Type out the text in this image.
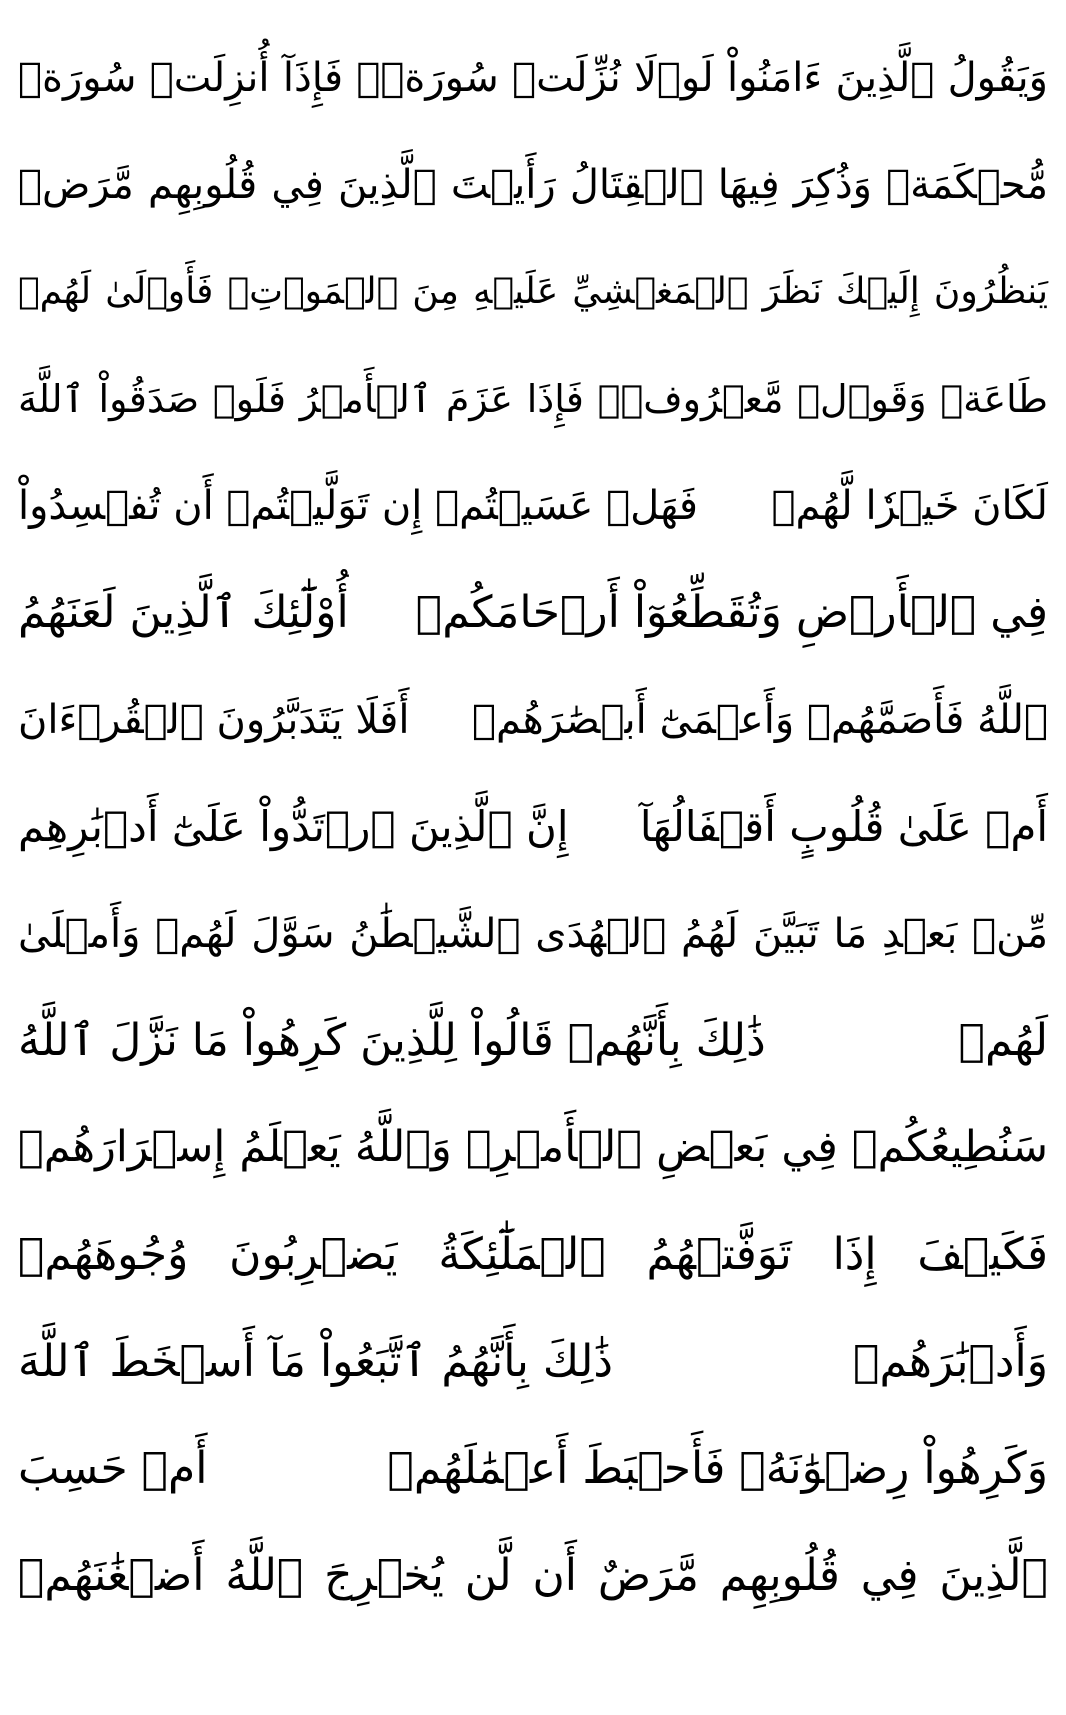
وَيَقُولُ ٱلَّذِينَ ءَامَنُواْ لَوۡلَا نُزِّلَتۡ سُورَةٞۖ فَإِذَآ أُنزِلَتۡ سُورَةٞ
مُّحۡكَمَةٞ وَذُكِرَ فِيهَا ٱلۡقِتَالُ رَأَيۡتَ ٱلَّذِينَ فِي قُلُوبِهِم مَّرَضٞ
يَنظُرُونَ إِلَيۡكَ نَظَرَ ٱلۡمَغۡشِيِّ عَلَيۡهِ مِنَ ٱلۡمَوۡتِۖ فَأَوۡلَىٰ لَهُمۡ
طَاعَةٞ وَقَوۡلٞ مَّعۡرُوفٞۚ فَإِذَا عَزَمَ ٱلۡأَمۡرُ فَلَوۡ صَدَقُواْ ٱللَّهَ
لَكَانَ خَيۡرٗا لَّهُمۡ
فَهَلۡ عَسَيۡتُمۡ إِن تَوَلَّيۡتُمۡ أَن تُفۡسِدُواْ
فِي ٱلۡأَرۡضِ وَتُقَطِّعُوٓاْ أَرۡحَامَكُمۡ
أُوْلَٰٓئِكَ ٱلَّذِينَ لَعَنَهُمُ
ٱللَّهُ فَأَصَمَّهُمۡ وَأَعۡمَىٰٓ أَبۡصَٰرَهُمۡ
أَفَلَا يَتَدَبَّرُونَ ٱلۡقُرۡءَانَ
أَمۡ عَلَىٰ قُلُوبٍ أَقۡفَالُهَآ
إِنَّ ٱلَّذِينَ ٱرۡتَدُّواْ عَلَىٰٓ أَدۡبَٰرِهِم
مِّنۢ بَعۡدِ مَا تَبَيَّنَ لَهُمُ ٱلۡهُدَى ٱلشَّيۡطَٰنُ سَوَّلَ لَهُمۡ وَأَمۡلَىٰ
لَهُمۡ
ذَٰلِكَ بِأَنَّهُمۡ قَالُواْ لِلَّذِينَ كَرِهُواْ مَا نَزَّلَ ٱللَّهُ
سَنُطِيعُكُمۡ فِي بَعۡضِ ٱلۡأَمۡرِۖ وَٱللَّهُ يَعۡلَمُ إِسۡرَارَهُمۡ
فَكَيۡفَ إِذَا تَوَفَّتۡهُمُ ٱلۡمَلَٰٓئِكَةُ يَضۡرِبُونَ وُجُوهَهُمۡ
وَأَدۡبَٰرَهُمۡ
ذَٰلِكَ بِأَنَّهُمُ ٱتَّبَعُواْ مَآ أَسۡخَطَ ٱللَّهَ
وَكَرِهُواْ رِضۡوَٰنَهُۥ فَأَحۡبَطَ أَعۡمَٰلَهُمۡ
أَمۡ حَسِبَ
ٱلَّذِينَ فِي قُلُوبِهِم مَّرَضٌ أَن لَّن يُخۡرِجَ ٱللَّهُ أَضۡغَٰنَهُمۡ
